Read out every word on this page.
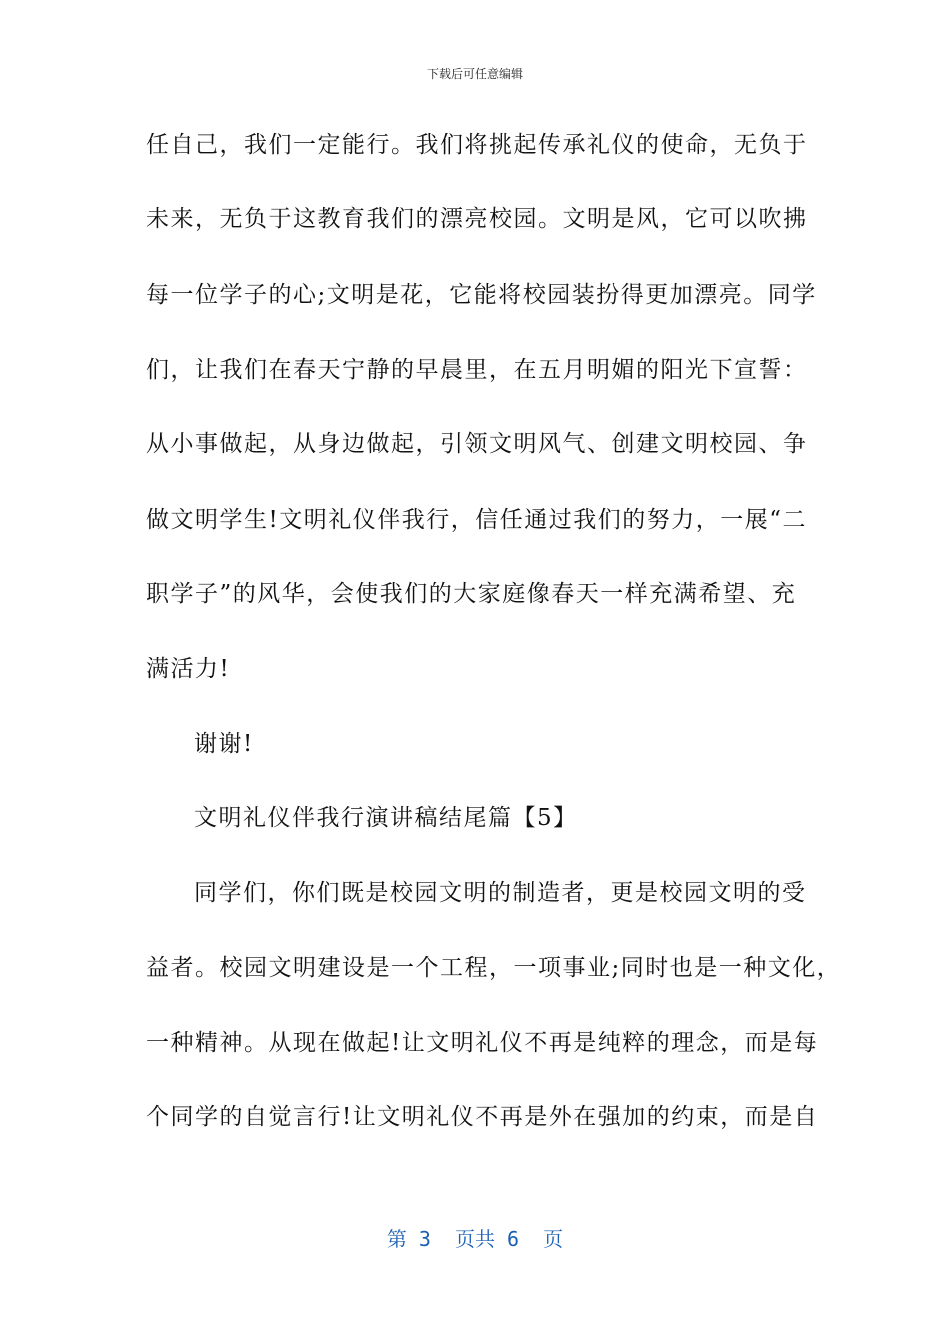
下载后可任意编辑
任自己，我们一定能行。我们将挑起传承礼仪的使命，无负于
未来，无负于这教育我们的漂亮校园。文明是风，它可以吹拂
每一位学子的心;文明是花，它能将校园装扮得更加漂亮。同学
们，让我们在春天宁静的早晨里，在五月明媚的阳光下宣誓：
从小事做起，从身边做起，引领文明风气、创建文明校园、争
做文明学生!文明礼仪伴我行，信任通过我们的努力，一展“二
职学子”的风华，会使我们的大家庭像春天一样充满希望、充
满活力!
谢谢!
文明礼仪伴我行演讲稿结尾篇【5】
同学们，你们既是校园文明的制造者，更是校园文明的受
益者。校园文明建设是一个工程，一项事业;同时也是一种文化，
一种精神。从现在做起!让文明礼仪不再是纯粹的理念，而是每
个同学的自觉言行!让文明礼仪不再是外在强加的约束，而是自
第 3  页共 6  页
